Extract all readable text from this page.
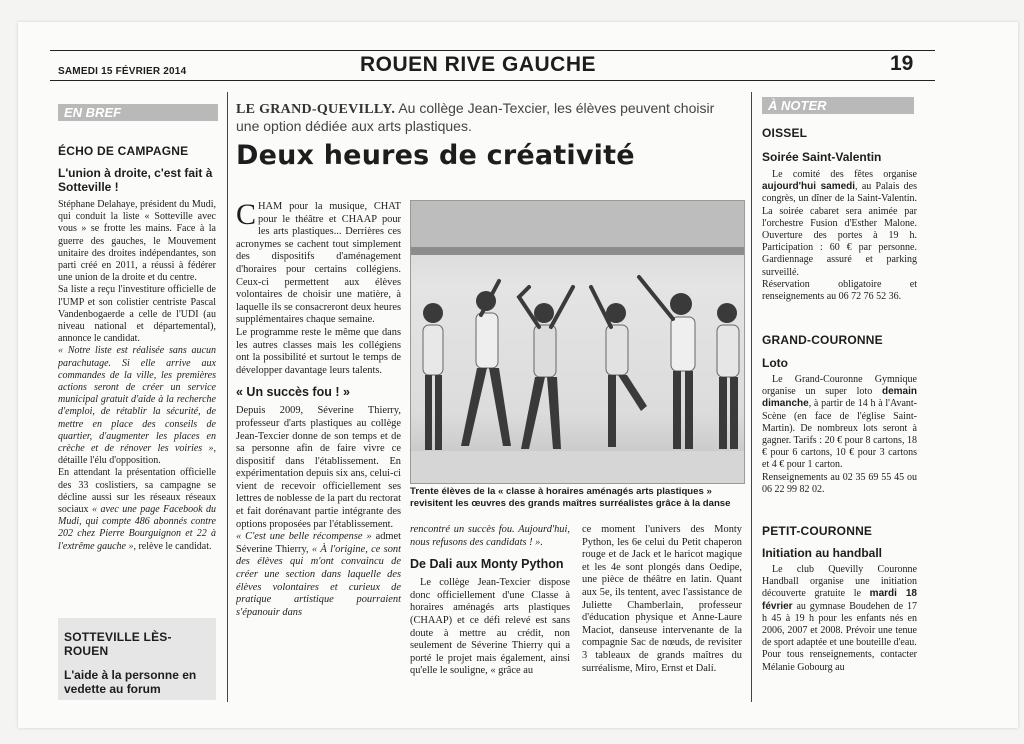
SAMEDI 15 FÉVRIER 2014	ROUEN RIVE GAUCHE	19
EN BREF
ÉCHO DE CAMPAGNE
L'union à droite, c'est fait à Sotteville !

Stéphane Delahaye, président du Mudi, qui conduit la liste « Sotteville avec vous » se frotte les mains. Face à la guerre des gauches, le Mouvement unitaire des droites indépendantes, son parti créé en 2011, a réussi à fédérer une union de la droite et du centre.

Sa liste a reçu l'investiture officielle de l'UMP et son colistier centriste Pascal Vandenbogaerde a celle de l'UDI (au niveau national et départemental), annonce le candidat.

« Notre liste est réalisée sans aucun parachutage. Si elle arrive aux commandes de la ville, les premières actions seront de créer un service municipal gratuit d'aide à la recherche d'emploi, de rétablir la sécurité, de mettre en place des conseils de quartier, d'augmenter les places en crèche et de rénover les voiries », détaille l'élu d'opposition.

En attendant la présentation officielle des 33 coslistiers, sa campagne se décline aussi sur les réseaux réseaux sociaux « avec une page Facebook du Mudi, qui compte 486 abonnés contre 202 chez Pierre Bourguignon et 22 à l'extrême gauche », relève le candidat.

SOTTEVILLE LÈS-ROUEN
L'aide à la personne en vedette au forum
LE GRAND-QUEVILLY. Au collège Jean-Texcier, les élèves peuvent choisir une option dédiée aux arts plastiques.
Deux heures de créativité

CHAM pour la musique, CHAT pour le théâtre et CHAAP pour les arts plastiques... Derrières ces acronymes se cachent tout simplement des dispositifs d'aménagement d'horaires pour certains collégiens. Ceux-ci permettent aux élèves volontaires de choisir une matière, à laquelle ils se consacreront deux heures supplémentaires chaque semaine.

Le programme reste le même que dans les autres classes mais les collégiens ont la possibilité et surtout le temps de développer davantage leurs talents.

« Un succès fou ! »

Depuis 2009, Séverine Thierry, professeur d'arts plastiques au collège Jean-Texcier donne de son temps et de sa personne afin de faire vivre ce dispositif dans l'établissement. En expérimentation depuis six ans, celui-ci vient de recevoir officiellement ses lettres de noblesse de la part du rectorat et fait dorénavant partie intégrante des options proposées par l'établissement.

« C'est une belle récompense » admet Séverine Thierry, « À l'origine, ce sont des élèves qui m'ont convaincu de créer une section dans laquelle des élèves volontaires et curieux de pratique artistique pourraient s'épanouir dans

Trente élèves de la « classe à horaires aménagés arts plastiques » revisitent les œuvres des grands maîtres surréalistes grâce à la danse

rencontré un succès fou. Aujourd'hui, nous refusons des candidats ! ».

De Dali aux Monty Python

Le collège Jean-Texcier dispose donc officiellement d'une Classe à horaires aménagés arts plastiques (CHAAP) et ce défi relevé est sans doute à mettre au crédit, non seulement de Séverine Thierry qui a porté le projet mais également, ainsi qu'elle le souligne, « grâce au

ce moment l'univers des Monty Python, les 6e celui du Petit chaperon rouge et de Jack et le haricot magique et les 4e sont plongés dans Oedipe, une pièce de théâtre en latin. Quant aux 5e, ils tentent, avec l'assistance de Juliette Chamberlain, professeur d'éducation physique et Anne-Laure Maciot, danseuse intervenante de la compagnie Sac de nœuds, de revisiter 3 tableaux de grands maîtres du surréalisme, Miro, Ernst et Dalí.

À NOTER
OISSEL
Soirée Saint-Valentin

Le comité des fêtes organise aujourd'hui samedi, au Palais des congrès, un dîner de la Saint-Valentin. La soirée cabaret sera animée par l'orchestre Fusion d'Esther Malone. Ouverture des portes à 19 h. Participation : 60 € par personne. Gardiennage assuré et parking surveillé.

Réservation obligatoire et renseignements au 06 72 76 52 36.

GRAND-COURONNE
Loto

Le Grand-Couronne Gymnique organise un super loto demain dimanche, à partir de 14 h à l'Avant-Scène (en face de l'église Saint-Martin). De nombreux lots seront à gagner. Tarifs : 20 € pour 8 cartons, 18 € pour 6 cartons, 10 € pour 3 cartons et 4 € pour 1 carton.

Renseignements au 02 35 69 55 45 ou 06 22 99 82 02.

PETIT-COURONNE
Initiation au handball

Le club Quevilly Couronne Handball organise une initiation découverte gratuite le mardi 18 février au gymnase Boudehen de 17 h 45 à 19 h pour les enfants nés en 2006, 2007 et 2008. Prévoir une tenue de sport adaptée et une bouteille d'eau.

Pour tous renseignements, contacter Mélanie Gobourg au
